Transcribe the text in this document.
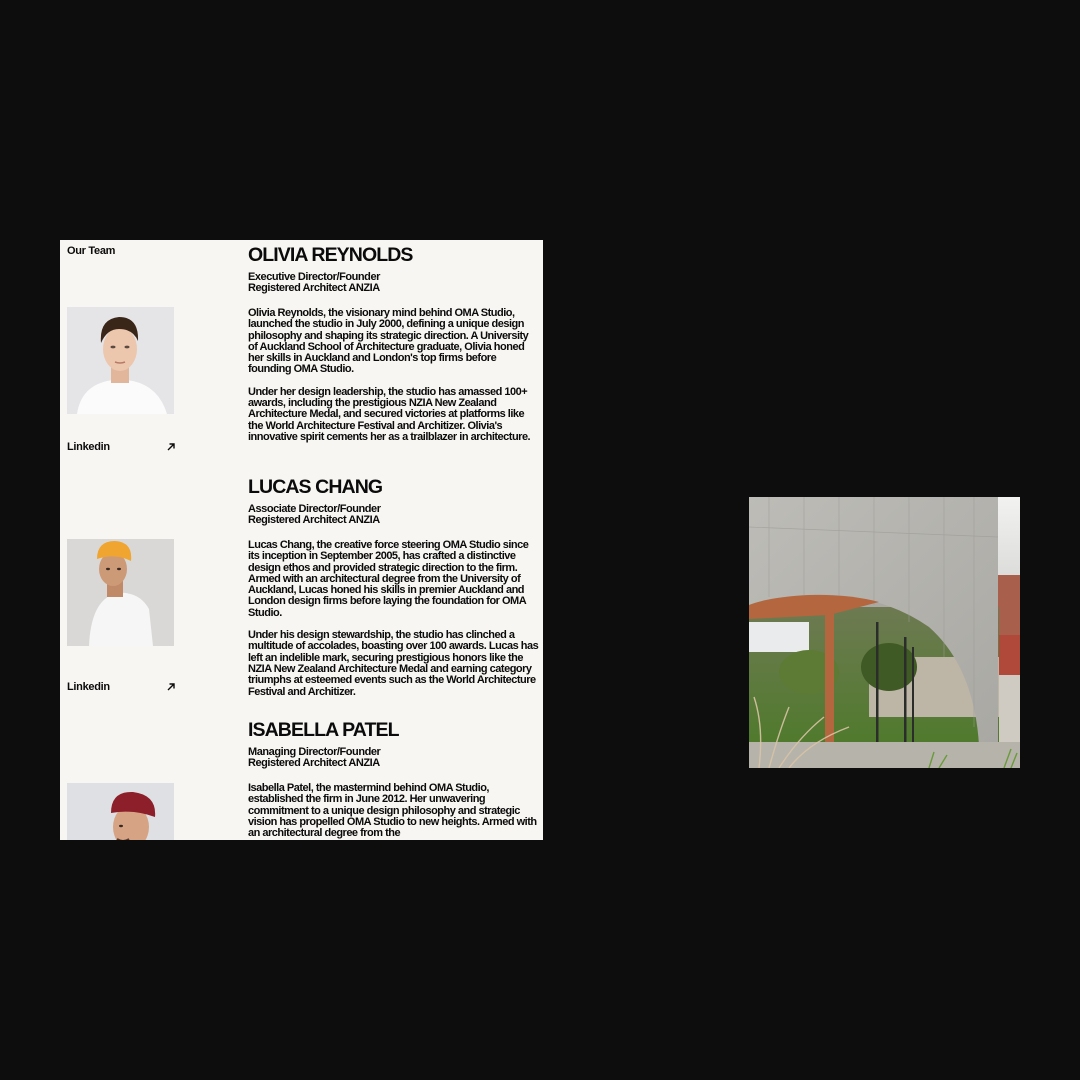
Our Team	OLIVIA REYNOLDS
Executive Director/Founder
Registered Architect ANZIA

Olivia Reynolds, the visionary mind behind OMA Studio, launched the studio in July 2000, defining a unique design philosophy and shaping its strategic direction. A University of Auckland School of Architecture graduate, Olivia honed her skills in Auckland and London's top firms before founding OMA Studio.

Under her design leadership, the studio has amassed 100+ awards, including the prestigious NZIA New Zealand Architecture Medal, and secured victories at platforms like the World Architecture Festival and Architizer. Olivia's innovative spirit cements her as a trailblazer in architecture.

Linkedin
LUCAS CHANG
Associate Director/Founder
Registered Architect ANZIA

Lucas Chang, the creative force steering OMA Studio since its inception in September 2005, has crafted a distinctive design ethos and provided strategic direction to the firm. Armed with an architectural degree from the University of Auckland, Lucas honed his skills in premier Auckland and London design firms before laying the foundation for OMA Studio.

Under his design stewardship, the studio has clinched a multitude of accolades, boasting over 100 awards. Lucas has left an indelible mark, securing prestigious honors like the NZIA New Zealand Architecture Medal and earning category triumphs at esteemed events such as the World Architecture Festival and Architizer.

Linkedin
ISABELLA PATEL
Managing Director/Founder
Registered Architect ANZIA

Isabella Patel, the mastermind behind OMA Studio, established the firm in June 2012. Her unwavering commitment to a unique design philosophy and strategic vision has propelled OMA Studio to new heights. Armed with an architectural degree from the
